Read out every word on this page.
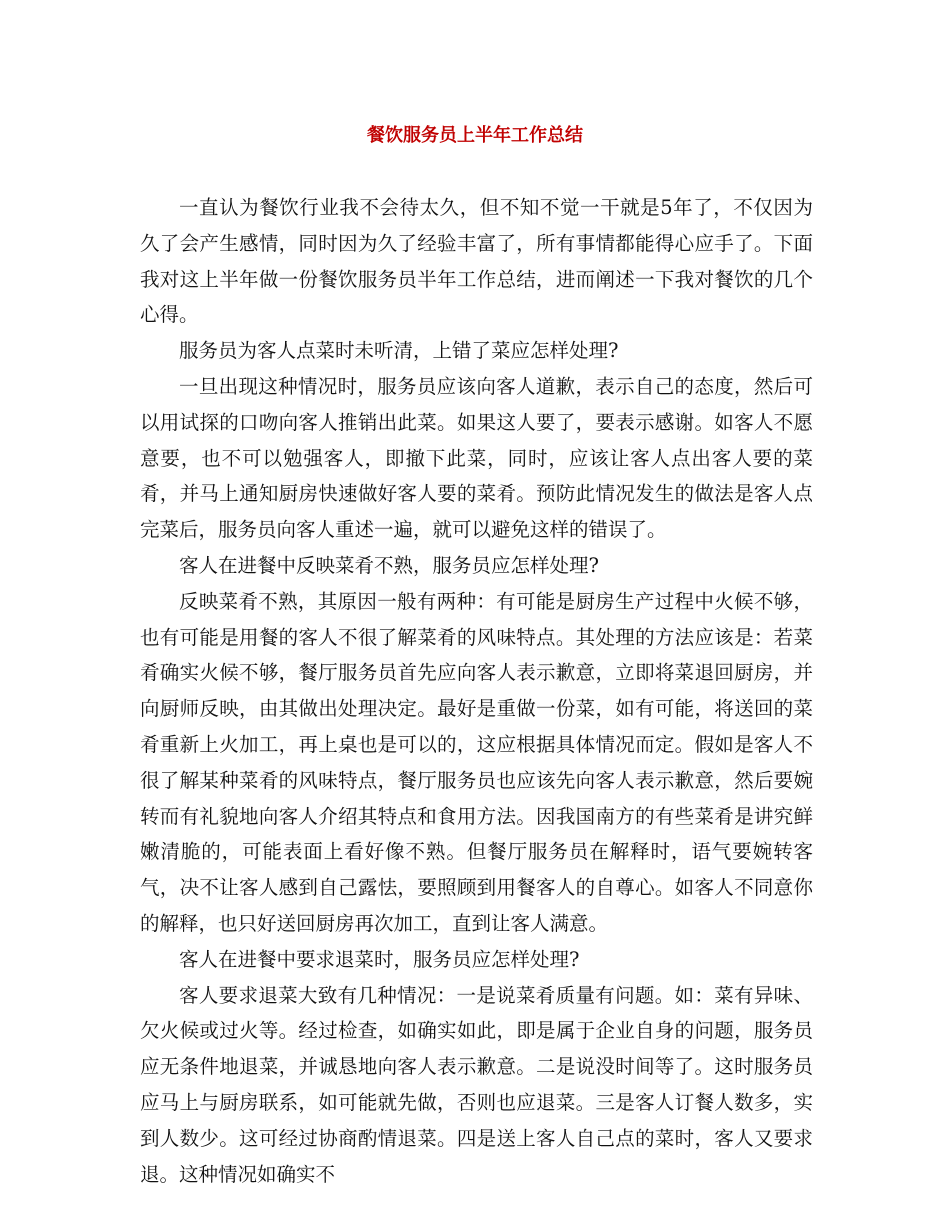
餐饮服务员上半年工作总结

一直认为餐饮行业我不会待太久，但不知不觉一干就是5年了，不仅因为久了会产生感情，同时因为久了经验丰富了，所有事情都能得心应手了。下面我对这上半年做一份餐饮服务员半年工作总结，进而阐述一下我对餐饮的几个心得。

服务员为客人点菜时未听清，上错了菜应怎样处理?

一旦出现这种情况时，服务员应该向客人道歉，表示自己的态度，然后可以用试探的口吻向客人推销出此菜。如果这人要了，要表示感谢。如客人不愿意要，也不可以勉强客人，即撤下此菜，同时，应该让客人点出客人要的菜肴，并马上通知厨房快速做好客人要的菜肴。预防此情况发生的做法是客人点完菜后，服务员向客人重述一遍，就可以避免这样的错误了。

客人在进餐中反映菜肴不熟，服务员应怎样处理?

反映菜肴不熟，其原因一般有两种：有可能是厨房生产过程中火候不够，也有可能是用餐的客人不很了解菜肴的风味特点。其处理的方法应该是：若菜肴确实火候不够，餐厅服务员首先应向客人表示歉意，立即将菜退回厨房，并向厨师反映，由其做出处理决定。最好是重做一份菜，如有可能，将送回的菜肴重新上火加工，再上桌也是可以的，这应根据具体情况而定。假如是客人不很了解某种菜肴的风味特点，餐厅服务员也应该先向客人表示歉意，然后要婉转而有礼貌地向客人介绍其特点和食用方法。因我国南方的有些菜肴是讲究鲜嫩清脆的，可能表面上看好像不熟。但餐厅服务员在解释时，语气要婉转客气，决不让客人感到自己露怯，要照顾到用餐客人的自尊心。如客人不同意你的解释，也只好送回厨房再次加工，直到让客人满意。

客人在进餐中要求退菜时，服务员应怎样处理?

客人要求退菜大致有几种情况：一是说菜肴质量有问题。如：菜有异味、欠火候或过火等。经过检查，如确实如此，即是属于企业自身的问题，服务员应无条件地退菜，并诚恳地向客人表示歉意。二是说没时间等了。这时服务员应马上与厨房联系，如可能就先做，否则也应退菜。三是客人订餐人数多，实到人数少。这可经过协商酌情退菜。四是送上客人自己点的菜时，客人又要求退。这种情况如确实不
